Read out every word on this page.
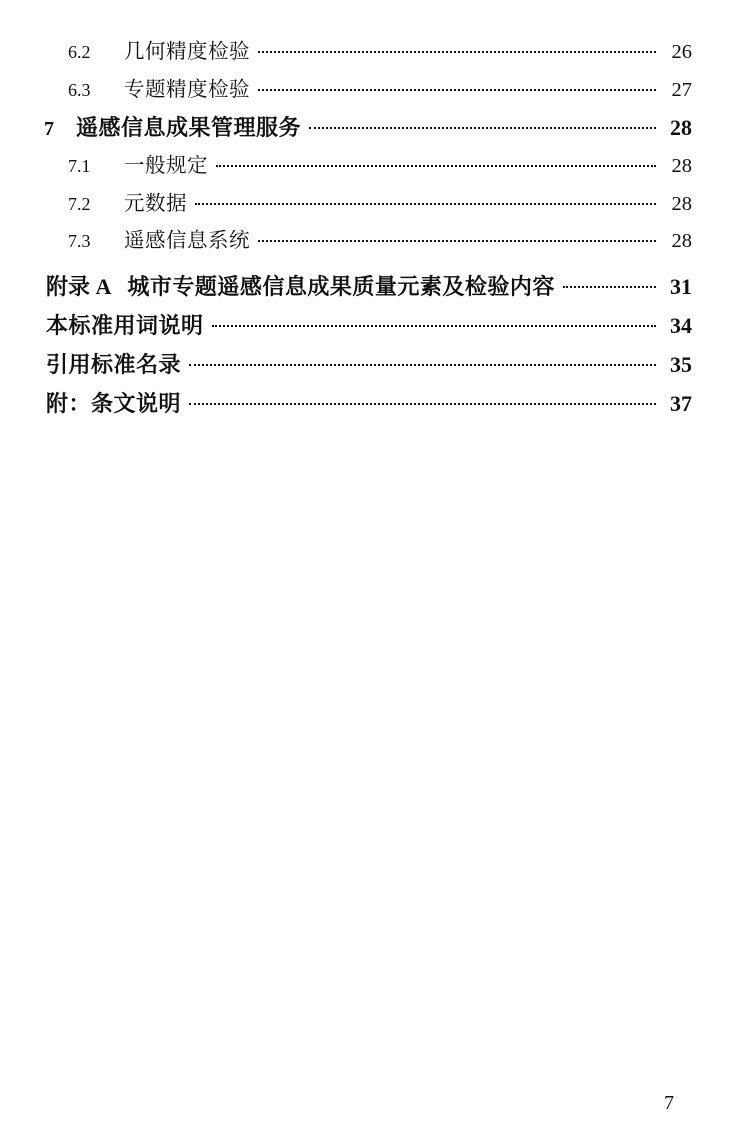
6.2	几何精度检验	26
6.3	专题精度检验	27
7	遥感信息成果管理服务	28
7.1	一般规定	28
7.2	元数据	28
7.3	遥感信息系统	28
附录 A 城市专题遥感信息成果质量元素及检验内容	31
本标准用词说明	34
引用标准名录	35
附：条文说明	37
7
